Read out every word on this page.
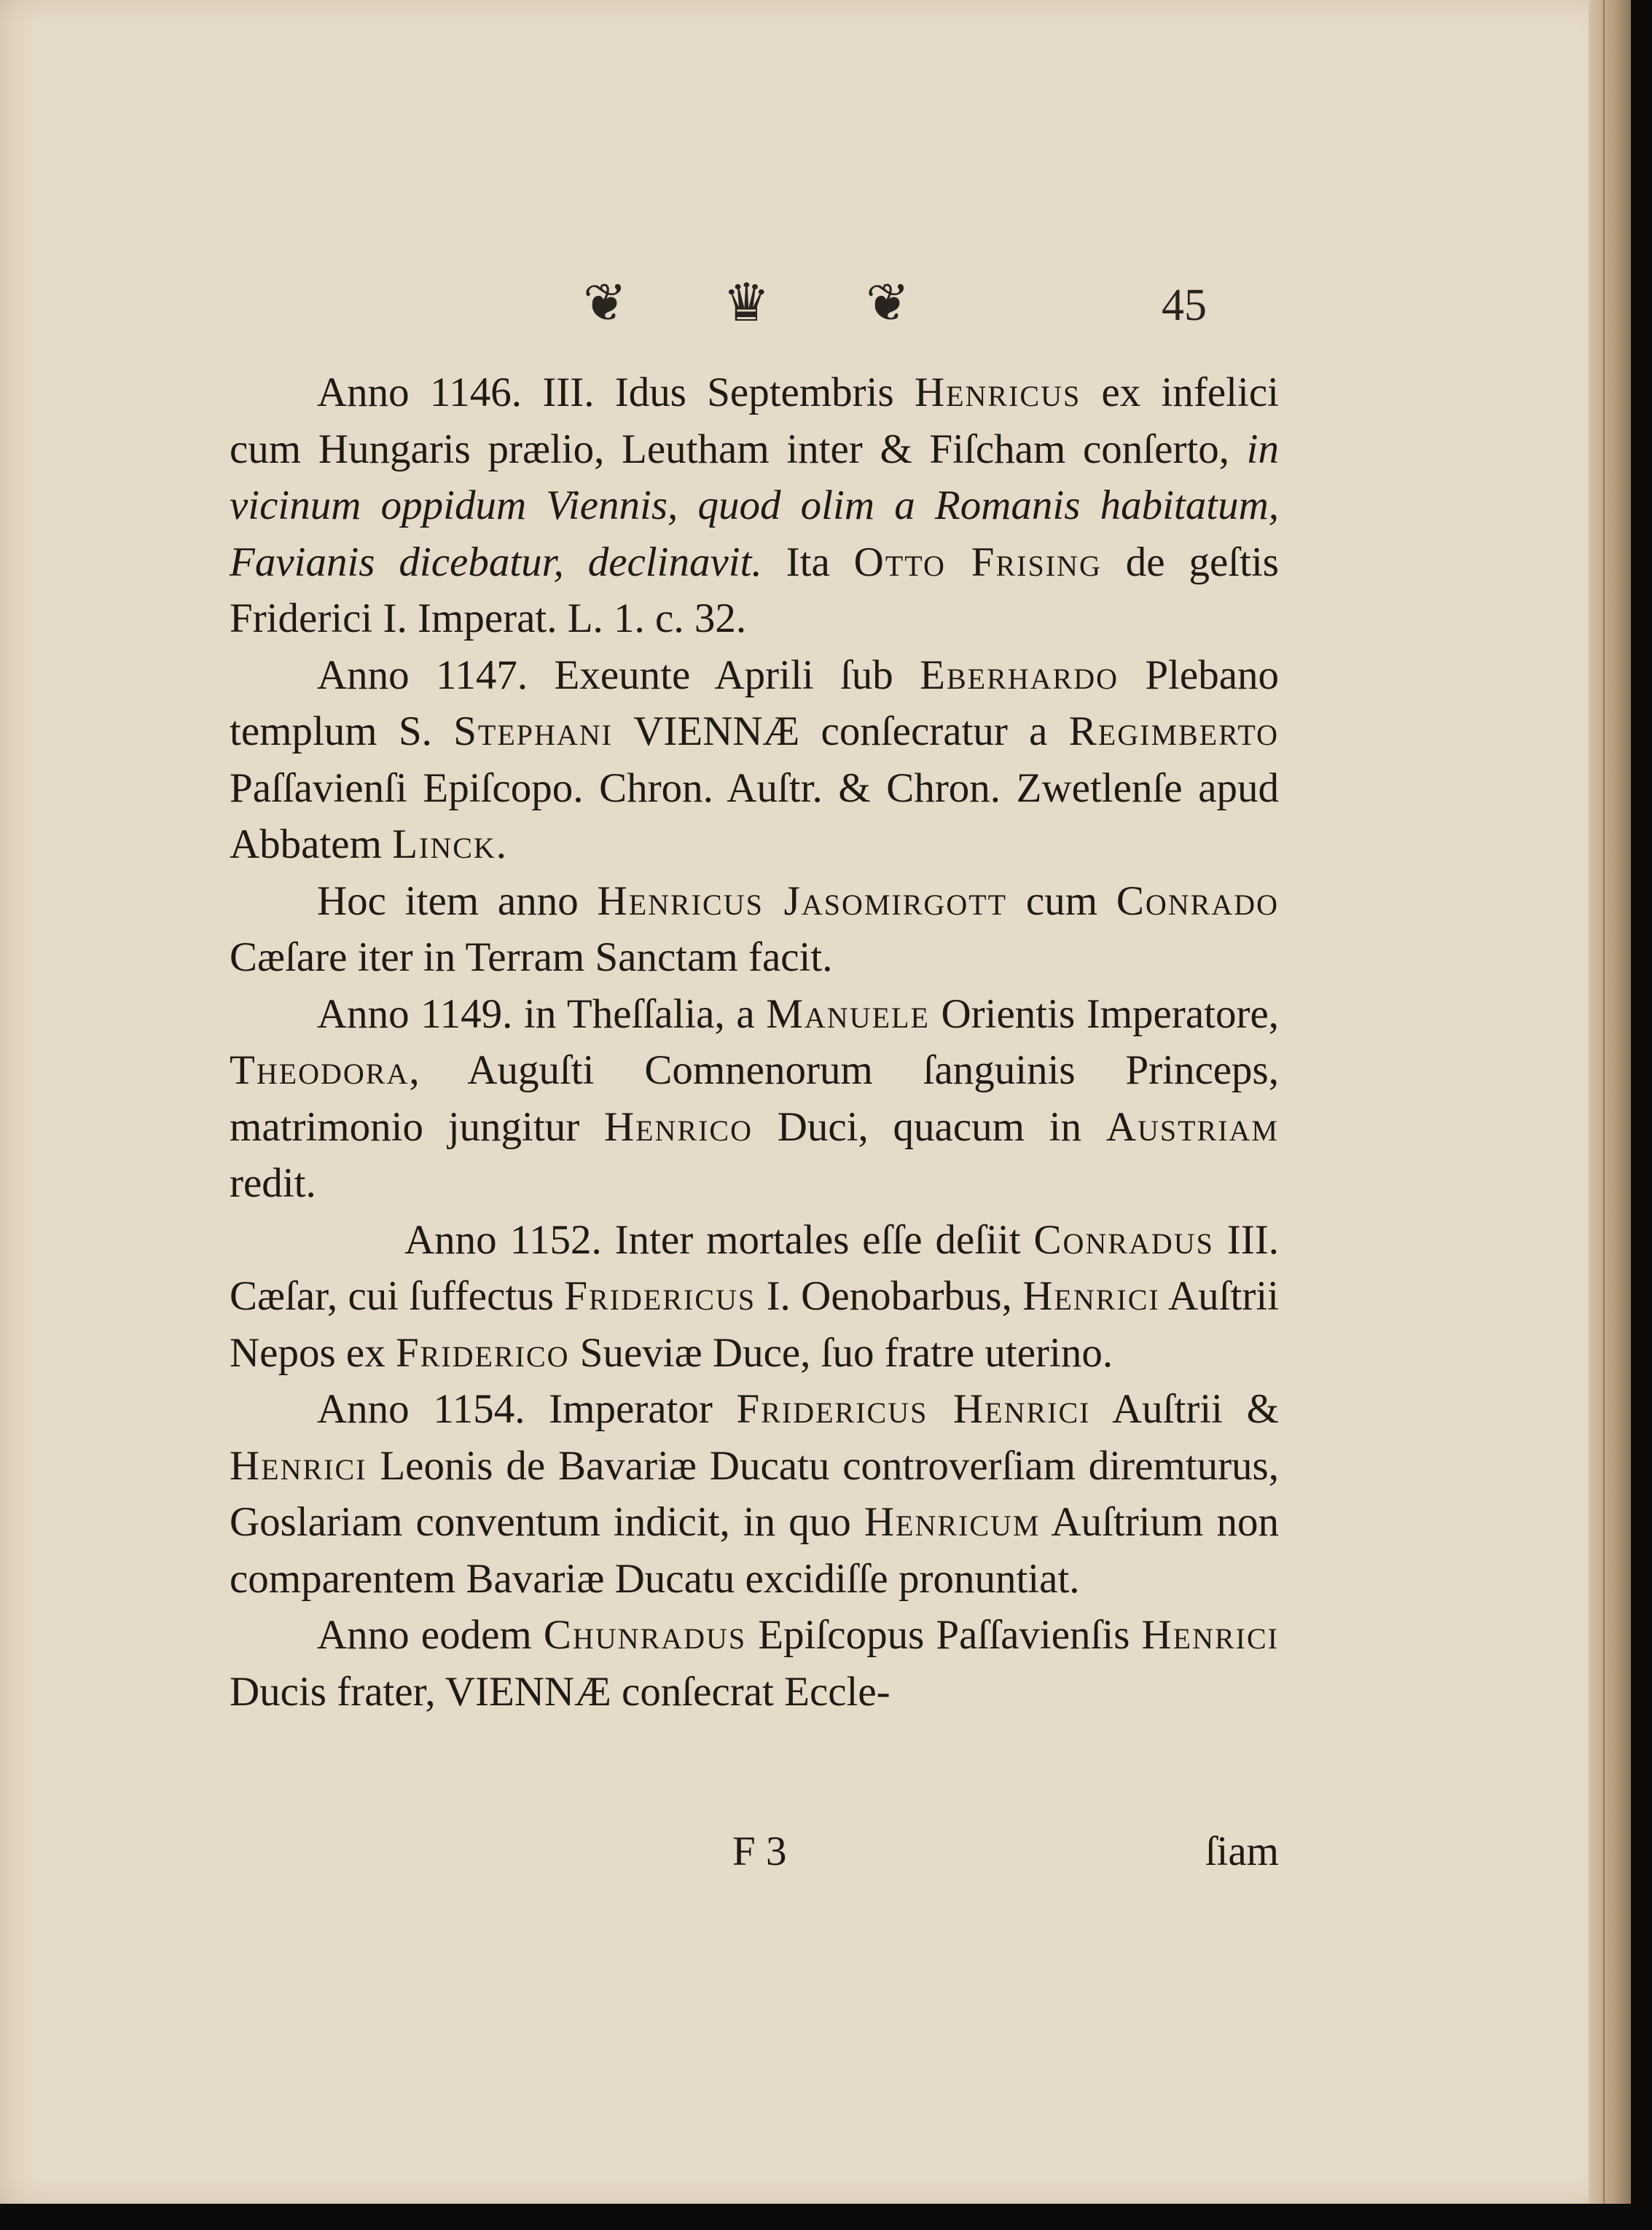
❦ ♛ ❦	45

Anno 1146. III. Idus Septembris Henricus ex infelici cum Hungaris prælio, Leutham inter & Fiſcham conſerto, in vicinum oppidum Viennis, quod olim a Romanis habitatum, Favianis dicebatur, declinavit. Ita Otto Frising de geſtis Friderici I. Imperat. L. 1. c. 32.

Anno 1147. Exeunte Aprili ſub Eberhardo Plebano templum S. Stephani VIENNÆ conſecratur a Regimberto Paſſavienſi Epiſcopo. Chron. Auſtr. & Chron. Zwetlenſe apud Abbatem Linck.

Hoc item anno Henricus Jasomirgott cum Conrado Cæſare iter in Terram Sanctam facit.

Anno 1149. in Theſſalia, a Manuele Orientis Imperatore, Theodora, Auguſti Comnenorum ſanguinis Princeps, matrimonio jungitur Henrico Duci, quacum in Austriam redit.

Anno 1152. Inter mortales eſſe deſiit Conradus III. Cæſar, cui ſuffectus Fridericus I. Oenobarbus, Henrici Auſtrii Nepos ex Friderico Sueviæ Duce, ſuo fratre uterino.

Anno 1154. Imperator Fridericus Henrici Auſtrii & Henrici Leonis de Bavariæ Ducatu controverſiam diremturus, Goslariam conventum indicit, in quo Henricum Auſtrium non comparentem Bavariæ Ducatu excidiſſe pronuntiat.

Anno eodem Chunradus Epiſcopus Paſſavienſis Henrici Ducis frater, VIENNÆ conſecrat Eccle-

F 3	ſiam
